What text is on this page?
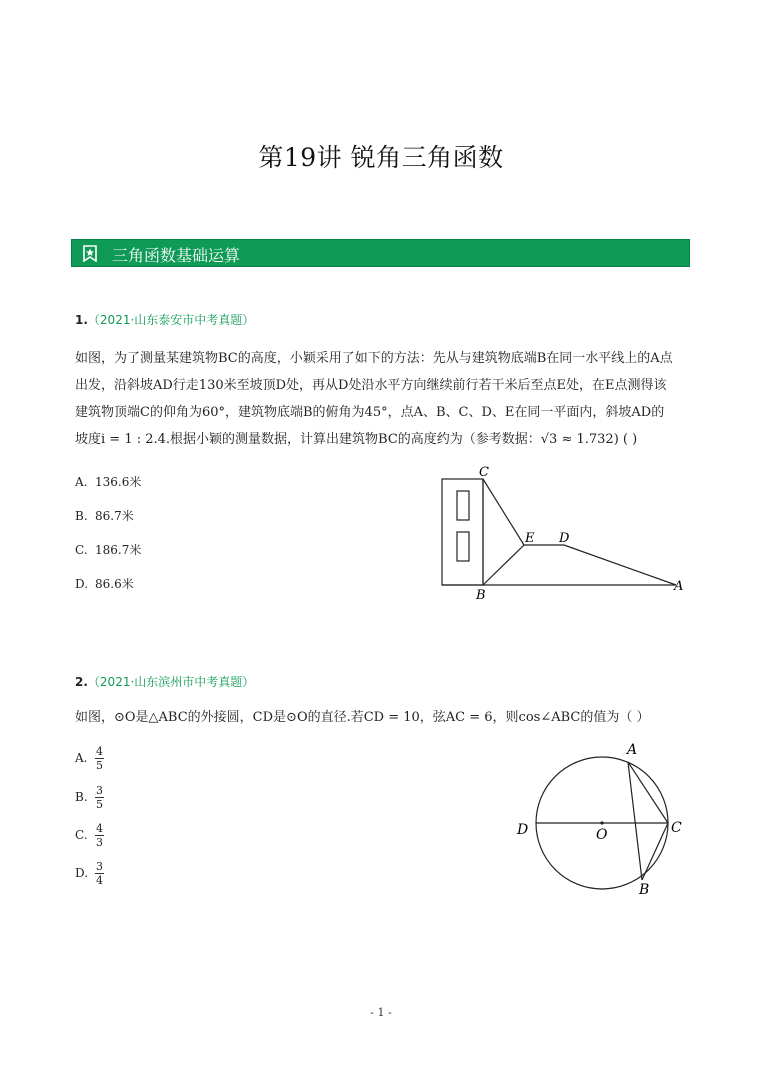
第19讲 锐角三角函数
三角函数基础运算
1.（2021·山东泰安市中考真题）
如图，为了测量某建筑物BC的高度，小颖采用了如下的方法：先从与建筑物底端B在同一水平线上的A点
出发，沿斜坡AD行走130米至坡顶D处，再从D处沿水平方向继续前行若干米后至点E处，在E点测得该
建筑物顶端C的仰角为60°，建筑物底端B的俯角为45°，点A、B、C、D、E在同一平面内，斜坡AD的
坡度i = 1 : 2.4.根据小颖的测量数据，计算出建筑物BC的高度约为（参考数据：√3 ≈ 1.732) ( )
A. 136.6米
B. 86.7米
C. 186.7米
D. 86.6米
C
E D
B
A
2.（2021·山东滨州市中考真题）
如图，⊙O是△ABC的外接圆，CD是⊙O的直径.若CD = 10，弦AC = 6，则cos∠ABC的值为（ ）
A. $\frac{4}{5}$
B. $\frac{3}{5}$
C. $\frac{4}{3}$
D. $\frac{3}{4}$
A
D	O	C
B
- 1 -
